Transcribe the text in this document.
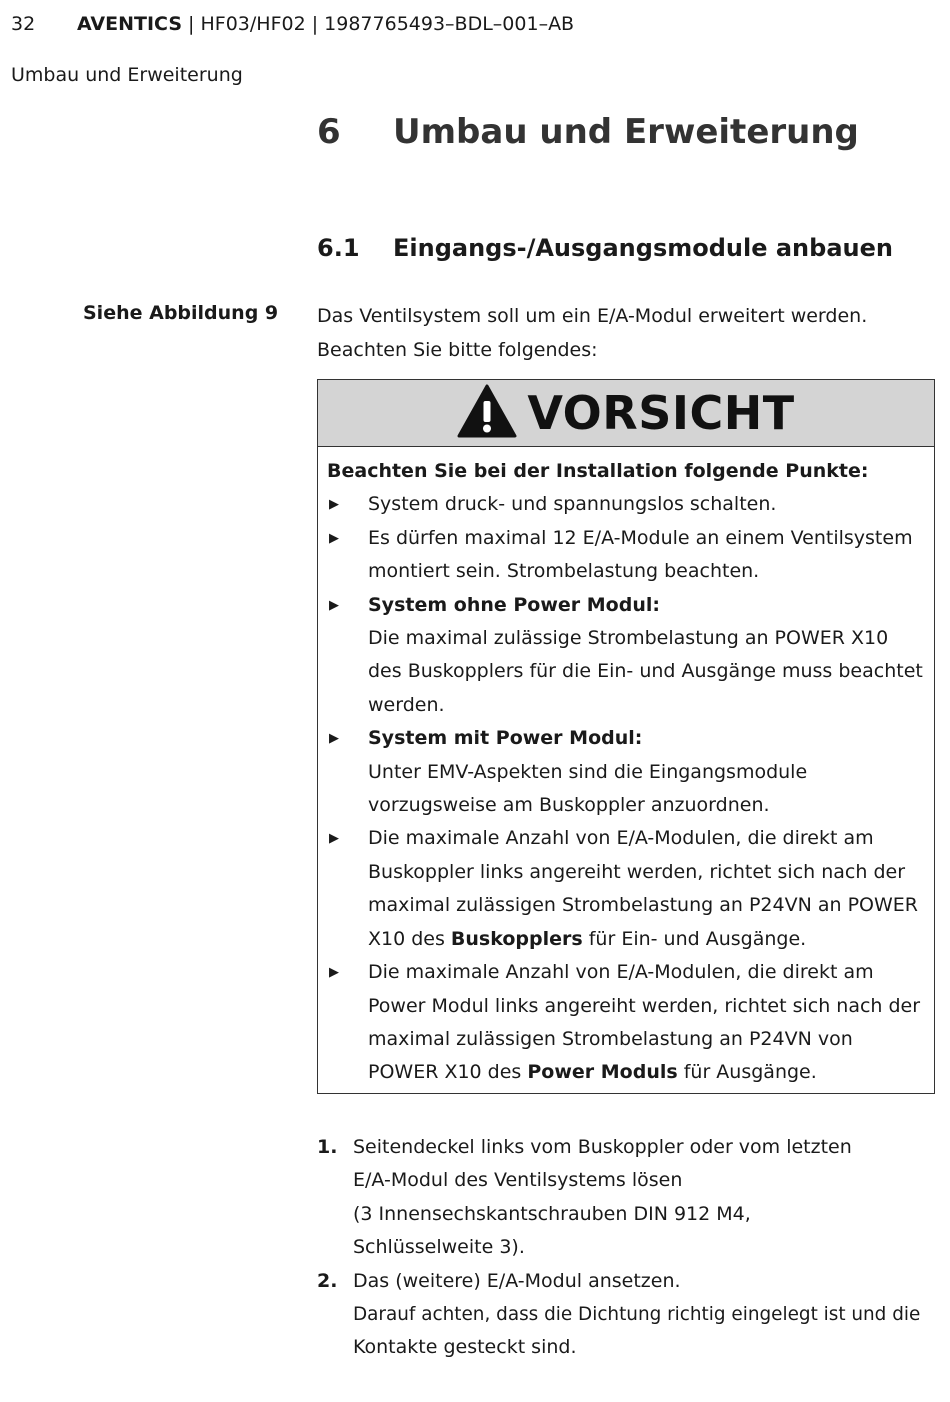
32 AVENTICS | HF03/HF02 | 1987765493–BDL–001–AB
Umbau und Erweiterung
6 Umbau und Erweiterung
6.1 Eingangs-/Ausgangsmodule anbauen
Siehe Abbildung 9 Das Ventilsystem soll um ein E/A-Modul erweitert werden.
Beachten Sie bitte folgendes:
VORSICHT
Beachten Sie bei der Installation folgende Punkte:
▶ System druck- und spannungslos schalten.
▶ Es dürfen maximal 12 E/A-Module an einem Ventilsystem montiert sein. Strombelastung beachten.
▶ System ohne Power Modul:
Die maximal zulässige Strombelastung an POWER X10 des Buskopplers für die Ein- und Ausgänge muss beachtet werden.
▶ System mit Power Modul:
Unter EMV-Aspekten sind die Eingangsmodule vorzugsweise am Buskoppler anzuordnen.
▶ Die maximale Anzahl von E/A-Modulen, die direkt am Buskoppler links angereiht werden, richtet sich nach der maximal zulässigen Strombelastung an P24VN an POWER X10 des Buskopplers für Ein- und Ausgänge.
▶ Die maximale Anzahl von E/A-Modulen, die direkt am Power Modul links angereiht werden, richtet sich nach der maximal zulässigen Strombelastung an P24VN von POWER X10 des Power Moduls für Ausgänge.
1. Seitendeckel links vom Buskoppler oder vom letzten
E/A-Modul des Ventilsystems lösen
(3 Innensechskantschrauben DIN 912 M4,
Schlüsselweite 3).
2. Das (weitere) E/A-Modul ansetzen.
Darauf achten, dass die Dichtung richtig eingelegt ist und die
Kontakte gesteckt sind.
